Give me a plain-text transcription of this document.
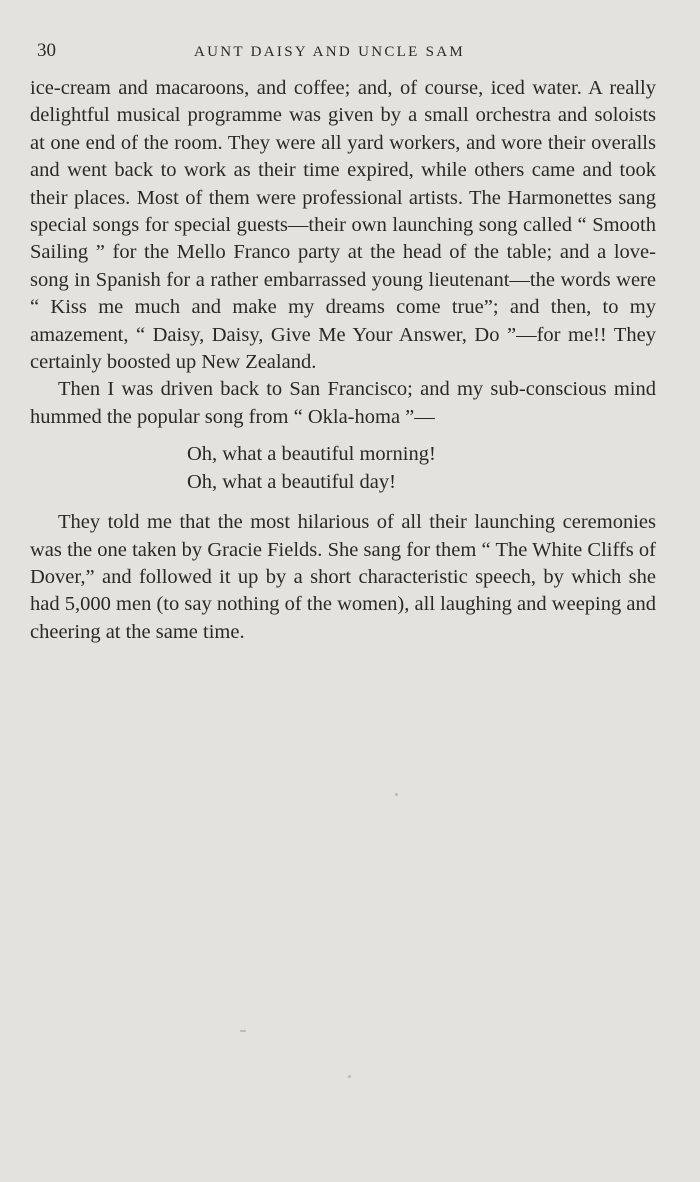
30	AUNT DAISY AND UNCLE SAM

ice-cream and macaroons, and coffee; and, of course, iced water. A really delightful musical programme was given by a small orchestra and soloists at one end of the room. They were all yard workers, and wore their overalls and went back to work as their time expired, while others came and took their places. Most of them were professional artists. The Harmonettes sang special songs for special guests—their own launching song called “ Smooth Sailing ” for the Mello Franco party at the head of the table; and a love-song in Spanish for a rather embarrassed young lieutenant—the words were “ Kiss me much and make my dreams come true”; and then, to my amazement, “ Daisy, Daisy, Give Me Your Answer, Do ”—for me!! They certainly boosted up New Zealand.

Then I was driven back to San Francisco; and my sub-conscious mind hummed the popular song from “ Okla-homa ”—

Oh, what a beautiful morning!
Oh, what a beautiful day!

They told me that the most hilarious of all their launching ceremonies was the one taken by Gracie Fields. She sang for them “ The White Cliffs of Dover,” and followed it up by a short characteristic speech, by which she had 5,000 men (to say nothing of the women), all laughing and weeping and cheering at the same time.
